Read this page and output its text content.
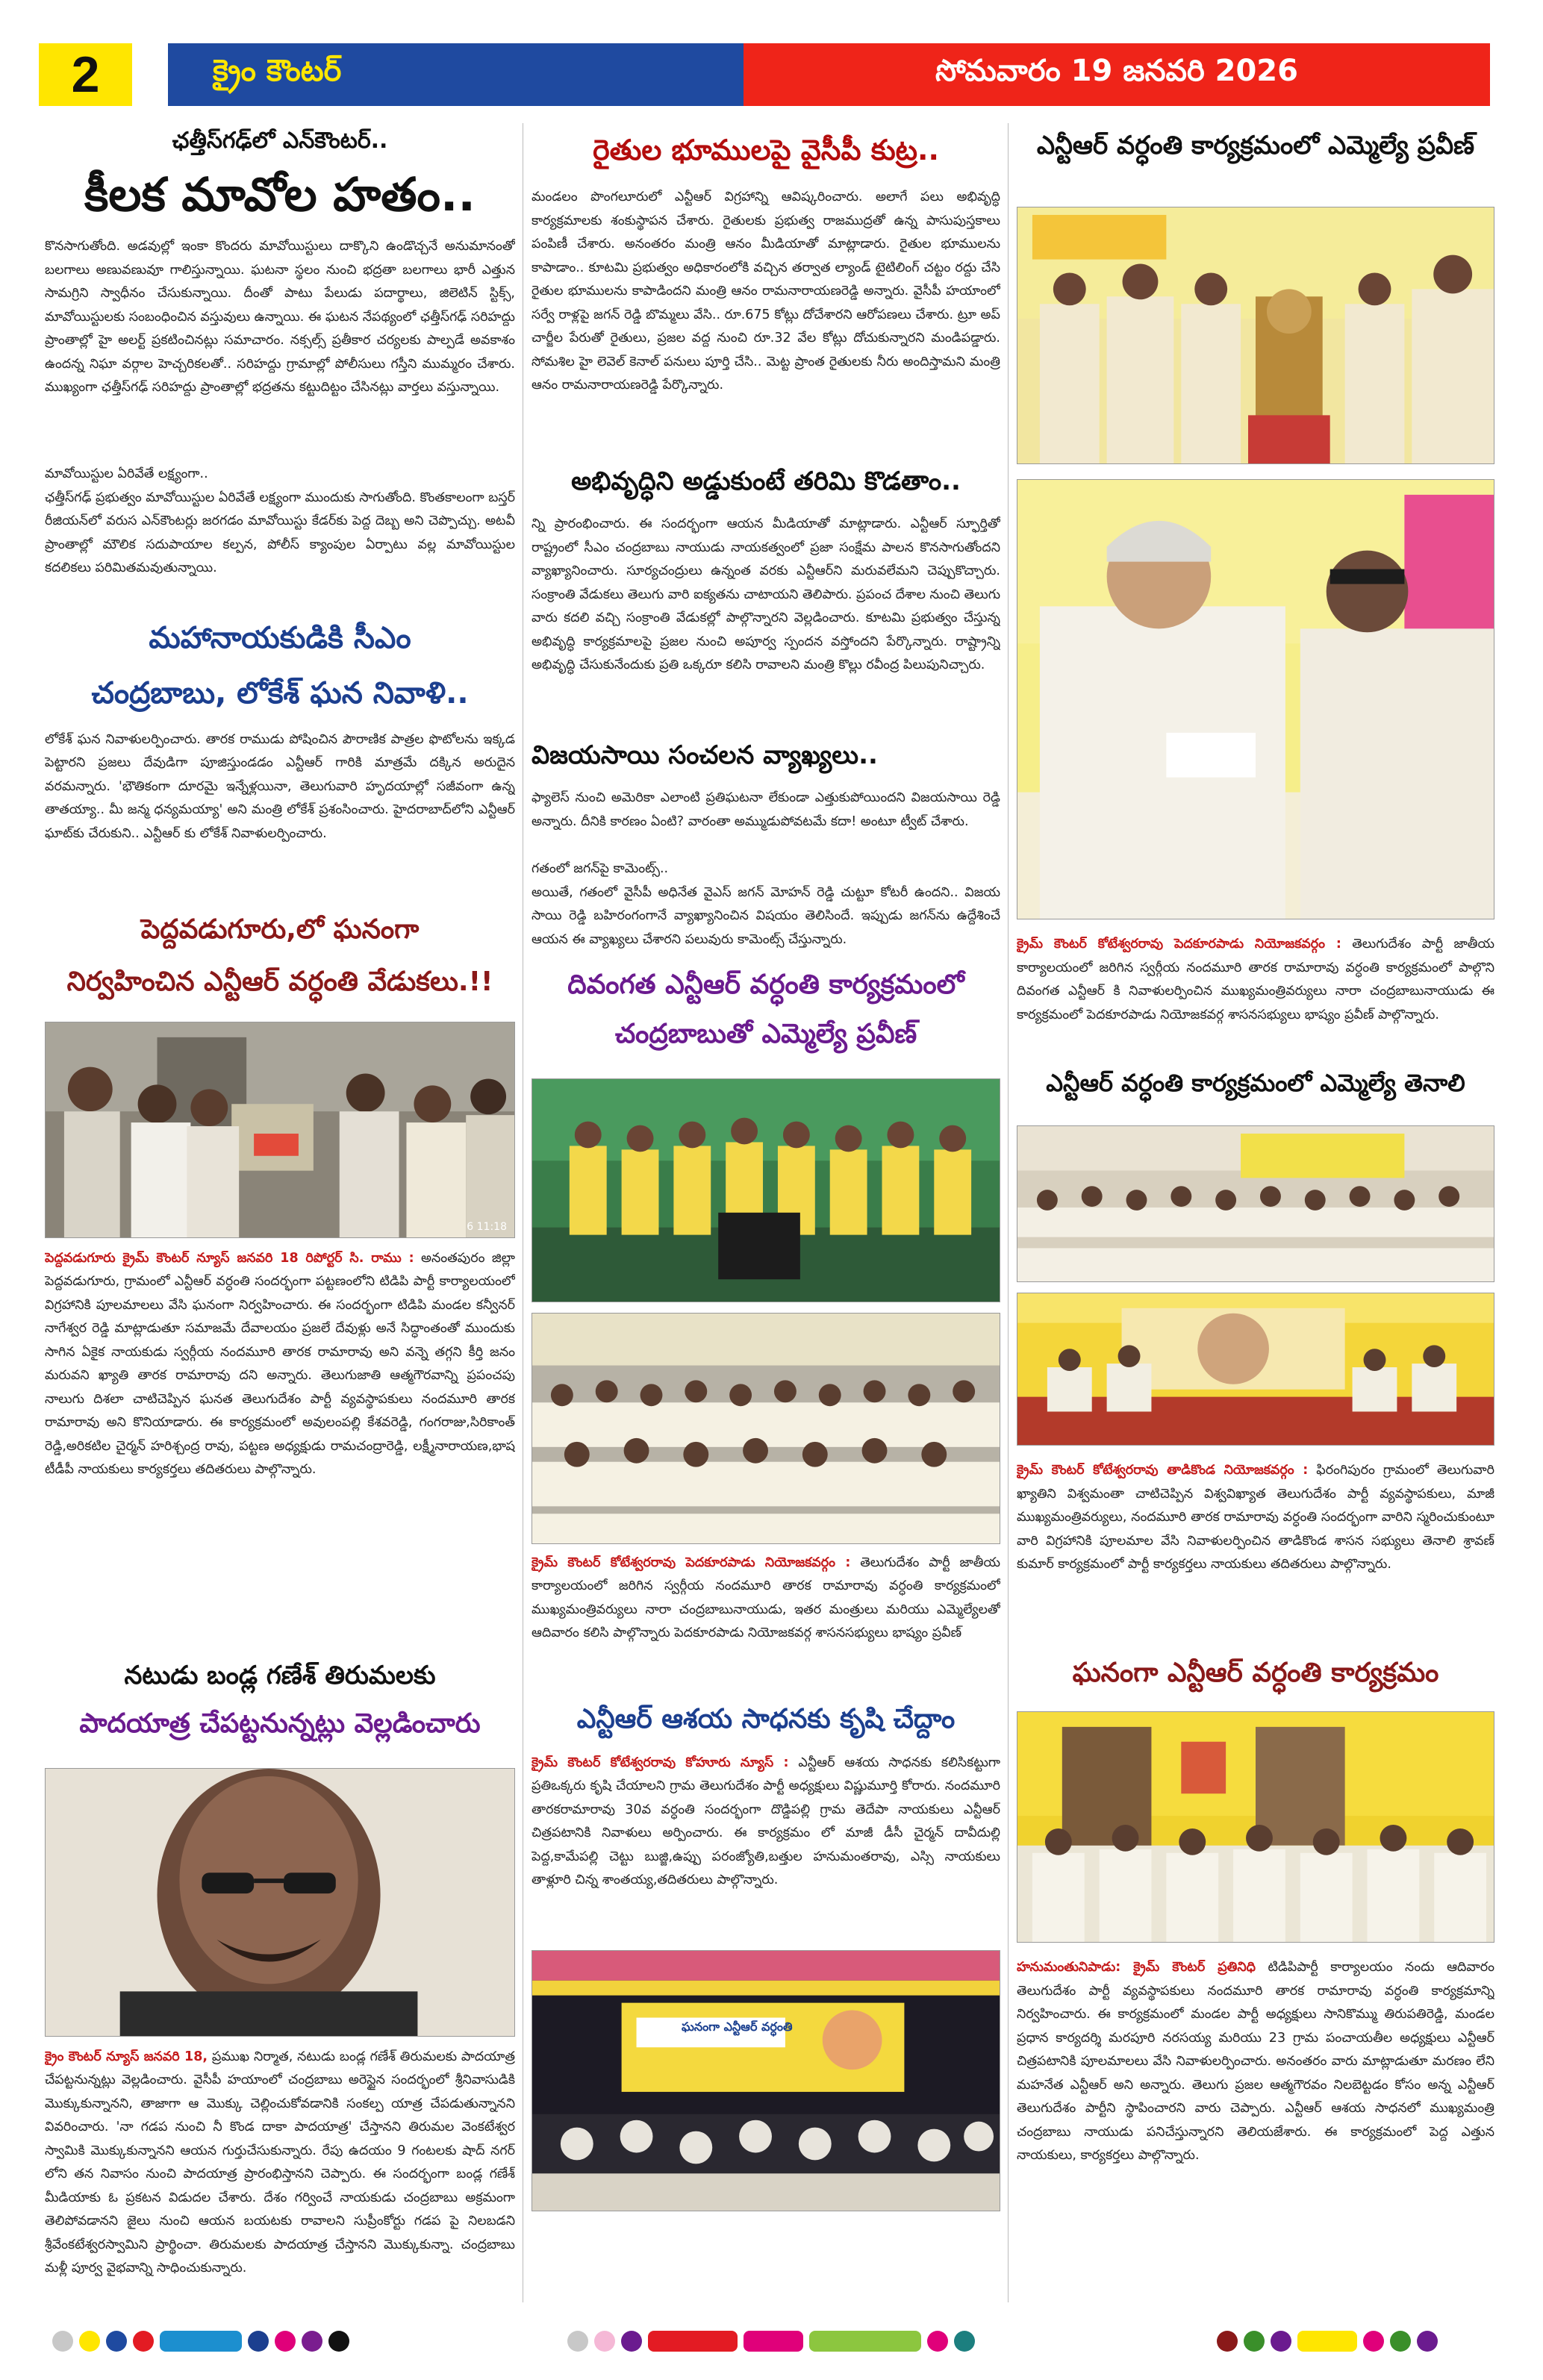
2	క్రైం కౌంటర్	సోమవారం 19 జనవరి 2026
ఛత్తీస్‌గఢ్‌లో ఎన్‌కౌంటర్..
కీలక మావోల హతం..
కొనసాగుతోంది. అడవుల్లో ఇంకా కొందరు మావోయిస్టులు దాక్కొని ఉండొచ్చనే అనుమానంతో బలగాలు అణువణువూ గాలిస్తున్నాయి. ఘటనా స్థలం నుంచి భద్రతా బలగాలు భారీ ఎత్తున సామగ్రిని స్వాధీనం చేసుకున్నాయి. దీంతో పాటు పేలుడు పదార్థాలు, జిలెటిన్ స్టిక్స్, మావోయిస్టులకు సంబంధించిన వస్తువులు ఉన్నాయి. ఈ ఘటన నేపథ్యంలో ఛత్తీస్‌గఢ్ సరిహద్దు ప్రాంతాల్లో హై అలర్ట్ ప్రకటించినట్లు సమాచారం. నక్సల్స్ ప్రతీకార చర్యలకు పాల్పడే అవకాశం ఉందన్న నిఘా వర్గాల హెచ్చరికలతో.. సరిహద్దు గ్రామాల్లో పోలీసులు గస్తీని ముమ్మరం చేశారు. ముఖ్యంగా ఛత్తీస్‌గఢ్ సరిహద్దు ప్రాంతాల్లో భద్రతను కట్టుదిట్టం చేసినట్లు వార్తలు వస్తున్నాయి.
మావోయిస్టుల ఏరివేతే లక్ష్యంగా..
ఛత్తీస్‌గఢ్ ప్రభుత్వం మావోయిస్టుల ఏరివేతే లక్ష్యంగా ముందుకు సాగుతోంది. కొంతకాలంగా బస్తర్ రీజియన్‌లో వరుస ఎన్‌కౌంటర్లు జరగడం మావోయిస్టు కేడర్‌కు పెద్ద దెబ్బ అని చెప్పొచ్చు. అటవీ ప్రాంతాల్లో మౌలిక సదుపాయాల కల్పన, పోలీస్ క్యాంపుల ఏర్పాటు వల్ల మావోయిస్టుల కదలికలు పరిమితమవుతున్నాయి.
మహానాయకుడికి సీఎం
చంద్రబాబు, లోకేశ్ ఘన నివాళి..
లోకేశ్ ఘన నివాళులర్పించారు. తారక రాముడు పోషించిన పౌరాణిక పాత్రల ఫొటోలను ఇక్కడ పెట్టారని ప్రజలు దేవుడిగా పూజిస్తుండడం ఎన్టీఆర్ గారికి మాత్రమే దక్కిన అరుదైన వరమన్నారు. 'భౌతికంగా దూరమై ఇన్నేళ్లయినా, తెలుగువారి హృదయాల్లో సజీవంగా ఉన్న తాతయ్యా.. మీ జన్మ ధన్యమయ్యా' అని మంత్రి లోకేశ్ ప్రశంసించారు. హైదరాబాద్‌లోని ఎన్టీఆర్ ఘాట్‌కు చేరుకుని.. ఎన్టీఆర్ కు లోకేశ్ నివాళులర్పించారు.
పెద్దవడుగూరు,లో ఘనంగా
నిర్వహించిన ఎన్టీఆర్ వర్ధంతి వేడుకలు.!!
6 11:18
పెద్దవడుగూరు క్రైమ్ కౌంటర్ న్యూస్ జనవరి 18 రిపోర్టర్ సి. రాము : అనంతపురం జిల్లా పెద్దవడుగూరు, గ్రామంలో ఎన్టీఆర్ వర్ధంతి సందర్భంగా పట్టణంలోని టిడిపి పార్టీ కార్యాలయంలో విగ్రహానికి పూలమాలలు వేసి ఘనంగా నిర్వహించారు. ఈ సందర్భంగా టిడిపి మండల కన్వీనర్ నాగేశ్వర రెడ్డి మాట్లాడుతూ సమాజమే దేవాలయం ప్రజలే దేవుళ్లు అనే సిద్ధాంతంతో ముందుకు సాగిన ఏకైక నాయకుడు స్వర్గీయ నందమూరి తారక రామారావు అని వన్నె తగ్గని కీర్తి జనం మరువని ఖ్యాతి తారక రామారావు దని అన్నారు. తెలుగుజాతి ఆత్మగౌరవాన్ని ప్రపంచపు నాలుగు దిశలా చాటిచెప్పిన ఘనత తెలుగుదేశం పార్టీ వ్యవస్థాపకులు నందమూరి తారక రామారావు అని కొనియాడారు. ఈ కార్యక్రమంలో అవులంపల్లి కేశవరెడ్డి, గంగరాజు,సిరికాంత్ రెడ్డి,అరికటిల చైర్మన్ హరిశ్చంద్ర రావు, పట్టణ అధ్యక్షుడు రామచంద్రారెడ్డి, లక్ష్మీనారాయణ,భాష టీడీపీ నాయకులు కార్యకర్తలు తదితరులు పాల్గొన్నారు.
నటుడు బండ్ల గణేశ్ తిరుమలకు
పాదయాత్ర చేపట్టనున్నట్లు వెల్లడించారు
క్రైం కౌంటర్ న్యూస్ జనవరి 18, ప్రముఖ నిర్మాత, నటుడు బండ్ల గణేశ్ తిరుమలకు పాదయాత్ర చేపట్టనున్నట్లు వెల్లడించారు. వైసీపీ హయాంలో చంద్రబాబు అరెస్టైన సందర్భంలో శ్రీనివాసుడికి మొక్కుకున్నానని, తాజాగా ఆ మొక్కు చెల్లించుకోవడానికి సంకల్ప యాత్ర చేపడుతున్నానని వివరించారు. 'నా గడప నుంచి నీ కొండ దాకా పాదయాత్ర' చేస్తానని తిరుమల వెంకటేశ్వర స్వామికి మొక్కుకున్నానని ఆయన గుర్తుచేసుకున్నారు. రేపు ఉదయం 9 గంటలకు షాద్ నగర్ లోని తన నివాసం నుంచి పాదయాత్ర ప్రారంభిస్తానని చెప్పారు. ఈ సందర్భంగా బండ్ల గణేశ్ మీడియాకు ఓ ప్రకటన విడుదల చేశారు. దేశం గర్వించే నాయకుడు చంద్రబాబు అక్రమంగా తెలిపోవడానని జైలు నుంచి ఆయన బయటకు రావాలని సుప్రీంకోర్టు గడప పై నిలబడని శ్రీవేంకటేశ్వరస్వామిని ప్రార్థించా. తిరుమలకు పాదయాత్ర చేస్తానని మొక్కుకున్నా. చంద్రబాబు మళ్లీ పూర్వ వైభవాన్ని సాధించుకున్నారు.
రైతుల భూములపై వైసీపీ కుట్ర..
మండలం పొంగలూరులో ఎన్టీఆర్ విగ్రహాన్ని ఆవిష్కరించారు. అలాగే పలు అభివృద్ధి కార్యక్రమాలకు శంకుస్థాపన చేశారు. రైతులకు ప్రభుత్వ రాజముద్రతో ఉన్న పాసుపుస్తకాలు పంపిణీ చేశారు. అనంతరం మంత్రి ఆనం మీడియాతో మాట్లాడారు. రైతుల భూములను కాపాడాం.. కూటమి ప్రభుత్వం అధికారంలోకి వచ్చిన తర్వాత ల్యాండ్ టైటిలింగ్ చట్టం రద్దు చేసి రైతుల భూములను కాపాడిందని మంత్రి ఆనం రామనారాయణరెడ్డి అన్నారు. వైసీపీ హయాంలో సర్వే రాళ్లపై జగన్ రెడ్డి బొమ్మలు వేసి.. రూ.675 కోట్లు దోచేశారని ఆరోపణలు చేశారు. ట్రూ అప్ చార్జీల పేరుతో రైతులు, ప్రజల వద్ద నుంచి రూ.32 వేల కోట్లు దోచుకున్నారని మండిపడ్డారు. సోమశిల హై లెవెల్ కెనాల్ పనులు పూర్తి చేసి.. మెట్ట ప్రాంత రైతులకు నీరు అందిస్తామని మంత్రి ఆనం రామనారాయణరెడ్డి పేర్కొన్నారు.
అభివృద్ధిని అడ్డుకుంటే తరిమి కొడతాం..
న్ని ప్రారంభించారు. ఈ సందర్భంగా ఆయన మీడియాతో మాట్లాడారు. ఎన్టీఆర్ స్ఫూర్తితో రాష్ట్రంలో సీఎం చంద్రబాబు నాయుడు నాయకత్వంలో ప్రజా సంక్షేమ పాలన కొనసాగుతోందని వ్యాఖ్యానించారు. సూర్యచంద్రులు ఉన్నంత వరకు ఎన్టీఆర్‌ని మరువలేమని చెప్పుకొచ్చారు. సంక్రాంతి వేడుకలు తెలుగు వారి ఐక్యతను చాటాయని తెలిపారు. ప్రపంచ దేశాల నుంచి తెలుగు వారు కదలి వచ్చి సంక్రాంతి వేడుకల్లో పాల్గొన్నారని వెల్లడించారు. కూటమి ప్రభుత్వం చేస్తున్న అభివృద్ధి కార్యక్రమాలపై ప్రజల నుంచి అపూర్వ స్పందన వస్తోందని పేర్కొన్నారు. రాష్ట్రాన్ని అభివృద్ధి చేసుకునేందుకు ప్రతి ఒక్కరూ కలిసి రావాలని మంత్రి కొల్లు రవీంద్ర పిలుపునిచ్చారు.
విజయసాయి సంచలన వ్యాఖ్యలు..
ఫ్యాలెస్ నుంచి అమెరికా ఎలాంటి ప్రతిఘటనా లేకుండా ఎత్తుకుపోయిందని విజయసాయి రెడ్డి అన్నారు. దీనికి కారణం ఏంటి? వారంతా అమ్ముడుపోవటమే కదా! అంటూ ట్వీట్ చేశారు.
గతంలో జగన్‌పై కామెంట్స్..
అయితే, గతంలో వైసీపీ అధినేత వైఎస్ జగన్ మోహన్ రెడ్డి చుట్టూ కోటరీ ఉందని.. విజయ సాయి రెడ్డి బహిరంగంగానే వ్యాఖ్యానించిన విషయం తెలిసిందే. ఇప్పుడు జగన్‌ను ఉద్దేశించే ఆయన ఈ వ్యాఖ్యలు చేశారని పలువురు కామెంట్స్ చేస్తున్నారు.
దివంగత ఎన్టీఆర్ వర్ధంతి కార్యక్రమంలో
చంద్రబాబుతో ఎమ్మెల్యే ప్రవీణ్
క్రైమ్ కౌంటర్ కోటేశ్వరరావు పెదకూరపాడు నియోజకవర్గం : తెలుగుదేశం పార్టీ జాతీయ కార్యాలయంలో జరిగిన స్వర్గీయ నందమూరి తారక రామారావు వర్ధంతి కార్యక్రమంలో ముఖ్యమంత్రివర్యులు నారా చంద్రబాబునాయుడు, ఇతర మంత్రులు మరియు ఎమ్మెల్యేలతో ఆదివారం కలిసి పాల్గొన్నారు పెదకూరపాడు నియోజకవర్గ శాసనసభ్యులు భాష్యం ప్రవీణ్
ఎన్టీఆర్ ఆశయ సాధనకు కృషి చేద్దాం
క్రైమ్ కౌంటర్ కోటేశ్వరరావు కోహూరు న్యూస్ : ఎన్టీఆర్ ఆశయ సాధనకు కలిసికట్టుగా ప్రతిఒక్కరు కృషి చేయాలని గ్రామ తెలుగుదేశం పార్టీ అధ్యక్షులు విష్ణుమూర్తి కోరారు. నందమూరి తారకరామారావు 30వ వర్ధంతి సందర్భంగా దొడ్డిపల్లి గ్రామ తెదేపా నాయకులు ఎన్టీఆర్ చిత్రపటానికి నివాళులు అర్పించారు. ఈ కార్యక్రమం లో మాజీ డీసీ చైర్మన్ దావీదుల్లి పెద్ద,కామేపల్లి చెట్టు బుజ్జి,ఉప్పు పరంజ్యోతి,బత్తుల హనుమంతరావు, ఎస్సి నాయకులు తాళ్లూరి చిన్న శాంతయ్య,తదితరులు పాల్గొన్నారు.
ఘనంగా ఎన్టీఆర్ వర్ధంతి
ఎన్టీఆర్ వర్ధంతి కార్యక్రమంలో ఎమ్మెల్యే ప్రవీణ్
క్రైమ్ కౌంటర్ కోటేశ్వరరావు పెదకూరపాడు నియోజకవర్గం : తెలుగుదేశం పార్టీ జాతీయ కార్యాలయంలో జరిగిన స్వర్గీయ నందమూరి తారక రామారావు వర్ధంతి కార్యక్రమంలో పాల్గొని దివంగత ఎన్టీఆర్ కి నివాళులర్పించిన ముఖ్యమంత్రివర్యులు నారా చంద్రబాబునాయుడు ఈ కార్యక్రమంలో పెదకూరపాడు నియోజకవర్గ శాసనసభ్యులు భాష్యం ప్రవీణ్ పాల్గొన్నారు.
ఎన్టీఆర్ వర్ధంతి కార్యక్రమంలో ఎమ్మెల్యే తెనాలి
క్రైమ్ కౌంటర్ కోటేశ్వరరావు తాడికొండ నియోజకవర్గం : ఫిరంగిపురం గ్రామంలో తెలుగువారి ఖ్యాతిని విశ్వమంతా చాటిచెప్పిన విశ్వవిఖ్యాత తెలుగుదేశం పార్టీ వ్యవస్థాపకులు, మాజీ ముఖ్యమంత్రివర్యులు, నందమూరి తారక రామారావు వర్ధంతి సందర్భంగా వారిని స్మరించుకుంటూ వారి విగ్రహానికి పూలమాల వేసి నివాళులర్పించిన తాడికొండ శాసన సభ్యులు తెనాలి శ్రావణ్ కుమార్ కార్యక్రమంలో పార్టీ కార్యకర్తలు నాయకులు తదితరులు పాల్గొన్నారు.
ఘనంగా ఎన్టీఆర్ వర్ధంతి కార్యక్రమం
హనుమంతునిపాడు: క్రైమ్ కౌంటర్ ప్రతినిధి టిడిపిపార్టీ కార్యాలయం నందు ఆదివారం తెలుగుదేశం పార్టీ వ్యవస్థాపకులు నందమూరి తారక రామారావు వర్ధంతి కార్యక్రమాన్ని నిర్వహించారు. ఈ కార్యక్రమంలో మండల పార్టీ అధ్యక్షులు సానికొమ్ము తిరుపతిరెడ్డి, మండల ప్రధాన కార్యదర్శి మరపూరి నరసయ్య మరియు 23 గ్రామ పంచాయతీల అధ్యక్షులు ఎన్టీఆర్ చిత్రపటానికి పూలమాలలు వేసి నివాళులర్పించారు. అనంతరం వారు మాట్లాడుతూ మరణం లేని మహనేత ఎన్టీఆర్ అని అన్నారు. తెలుగు ప్రజల ఆత్మగౌరవం నిలబెట్టడం కోసం అన్న ఎన్టీఆర్ తెలుగుదేశం పార్టీని స్థాపించారని వారు చెప్పారు. ఎన్టీఆర్ ఆశయ సాధనలో ముఖ్యమంత్రి చంద్రబాబు నాయుడు పనిచేస్తున్నారని తెలియజేశారు. ఈ కార్యక్రమంలో పెద్ద ఎత్తున నాయకులు, కార్యకర్తలు పాల్గొన్నారు.
